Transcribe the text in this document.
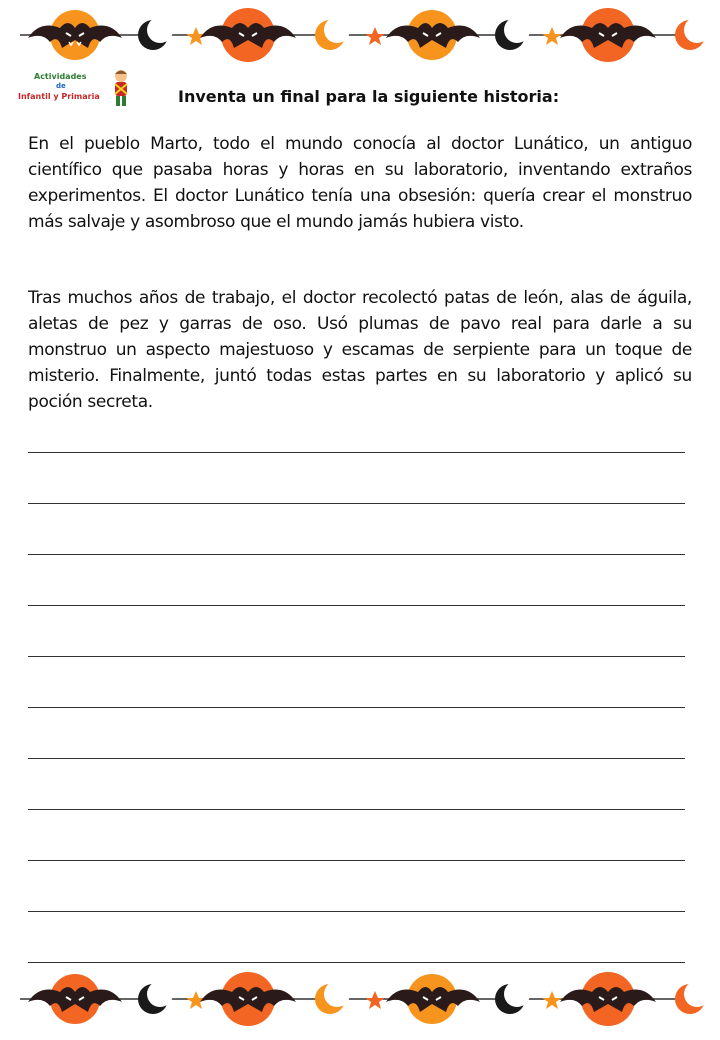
Actividades
de
Infantil y Primaria	Inventa un final para la siguiente historia:

En el pueblo Marto, todo el mundo conocía al doctor Lunático, un antiguo científico que pasaba horas y horas en su laboratorio, inventando extraños experimentos. El doctor Lunático tenía una obsesión: quería crear el monstruo más salvaje y asombroso que el mundo jamás hubiera visto.

Tras muchos años de trabajo, el doctor recolectó patas de león, alas de águila, aletas de pez y garras de oso. Usó plumas de pavo real para darle a su monstruo un aspecto majestuoso y escamas de serpiente para un toque de misterio. Finalmente, juntó todas estas partes en su laboratorio y aplicó su poción secreta.
